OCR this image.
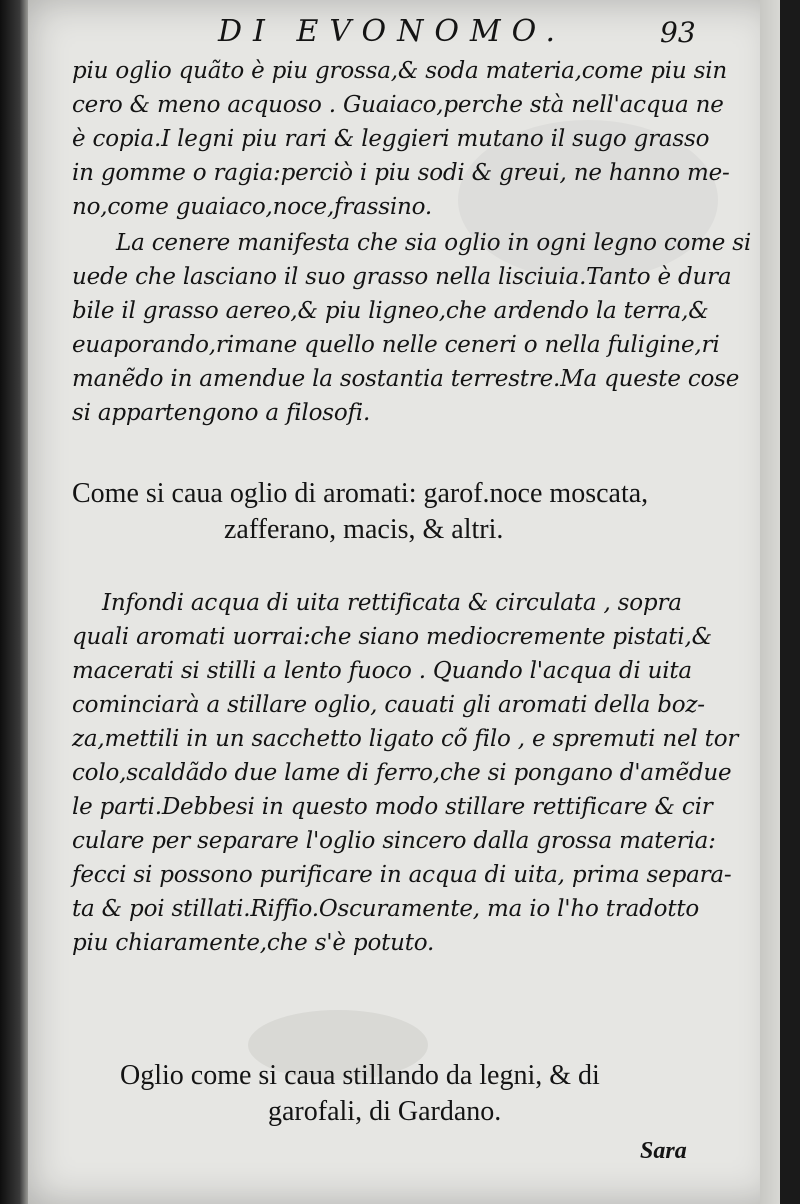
DI EVONOMO.	93
piu oglio quãto è piu grossa,& soda materia,come piu sin
cero & meno acquoso . Guaiaco,perche stà nell'acqua ne
è copia.I legni piu rari & leggieri mutano il sugo grasso
in gomme o ragia:perciò i piu sodi & greui, ne hanno me-
no,come guaiaco,noce,frassino.
La cenere manifesta che sia oglio in ogni legno come si
uede che lasciano il suo grasso nella lisciuia.Tanto è dura
bile il grasso aereo,& piu ligneo,che ardendo la terra,&
euaporando,rimane quello nelle ceneri o nella fuligine,ri
manẽdo in amendue la sostantia terrestre.Ma queste cose
si appartengono a filosofi.
Come si caua oglio di aromati: garof.noce moscata,
zafferano, macis, & altri.
Infondi acqua di uita rettificata & circulata , sopra
quali aromati uorrai:che siano mediocremente pistati,&
macerati si stilli a lento fuoco . Quando l'acqua di uita
cominciarà a stillare oglio, cauati gli aromati della boz-
za,mettili in un sacchetto ligato cõ filo , e spremuti nel tor
colo,scaldãdo due lame di ferro,che si pongano d'amẽdue
le parti.Debbesi in questo modo stillare rettificare & cir
culare per separare l'oglio sincero dalla grossa materia:
fecci si possono purificare in acqua di uita, prima separa-
ta & poi stillati.Riffio.Oscuramente, ma io l'ho tradotto
piu chiaramente,che s'è potuto.
Oglio come si caua stillando da legni, & di
garofali, di Gardano.
Sara
